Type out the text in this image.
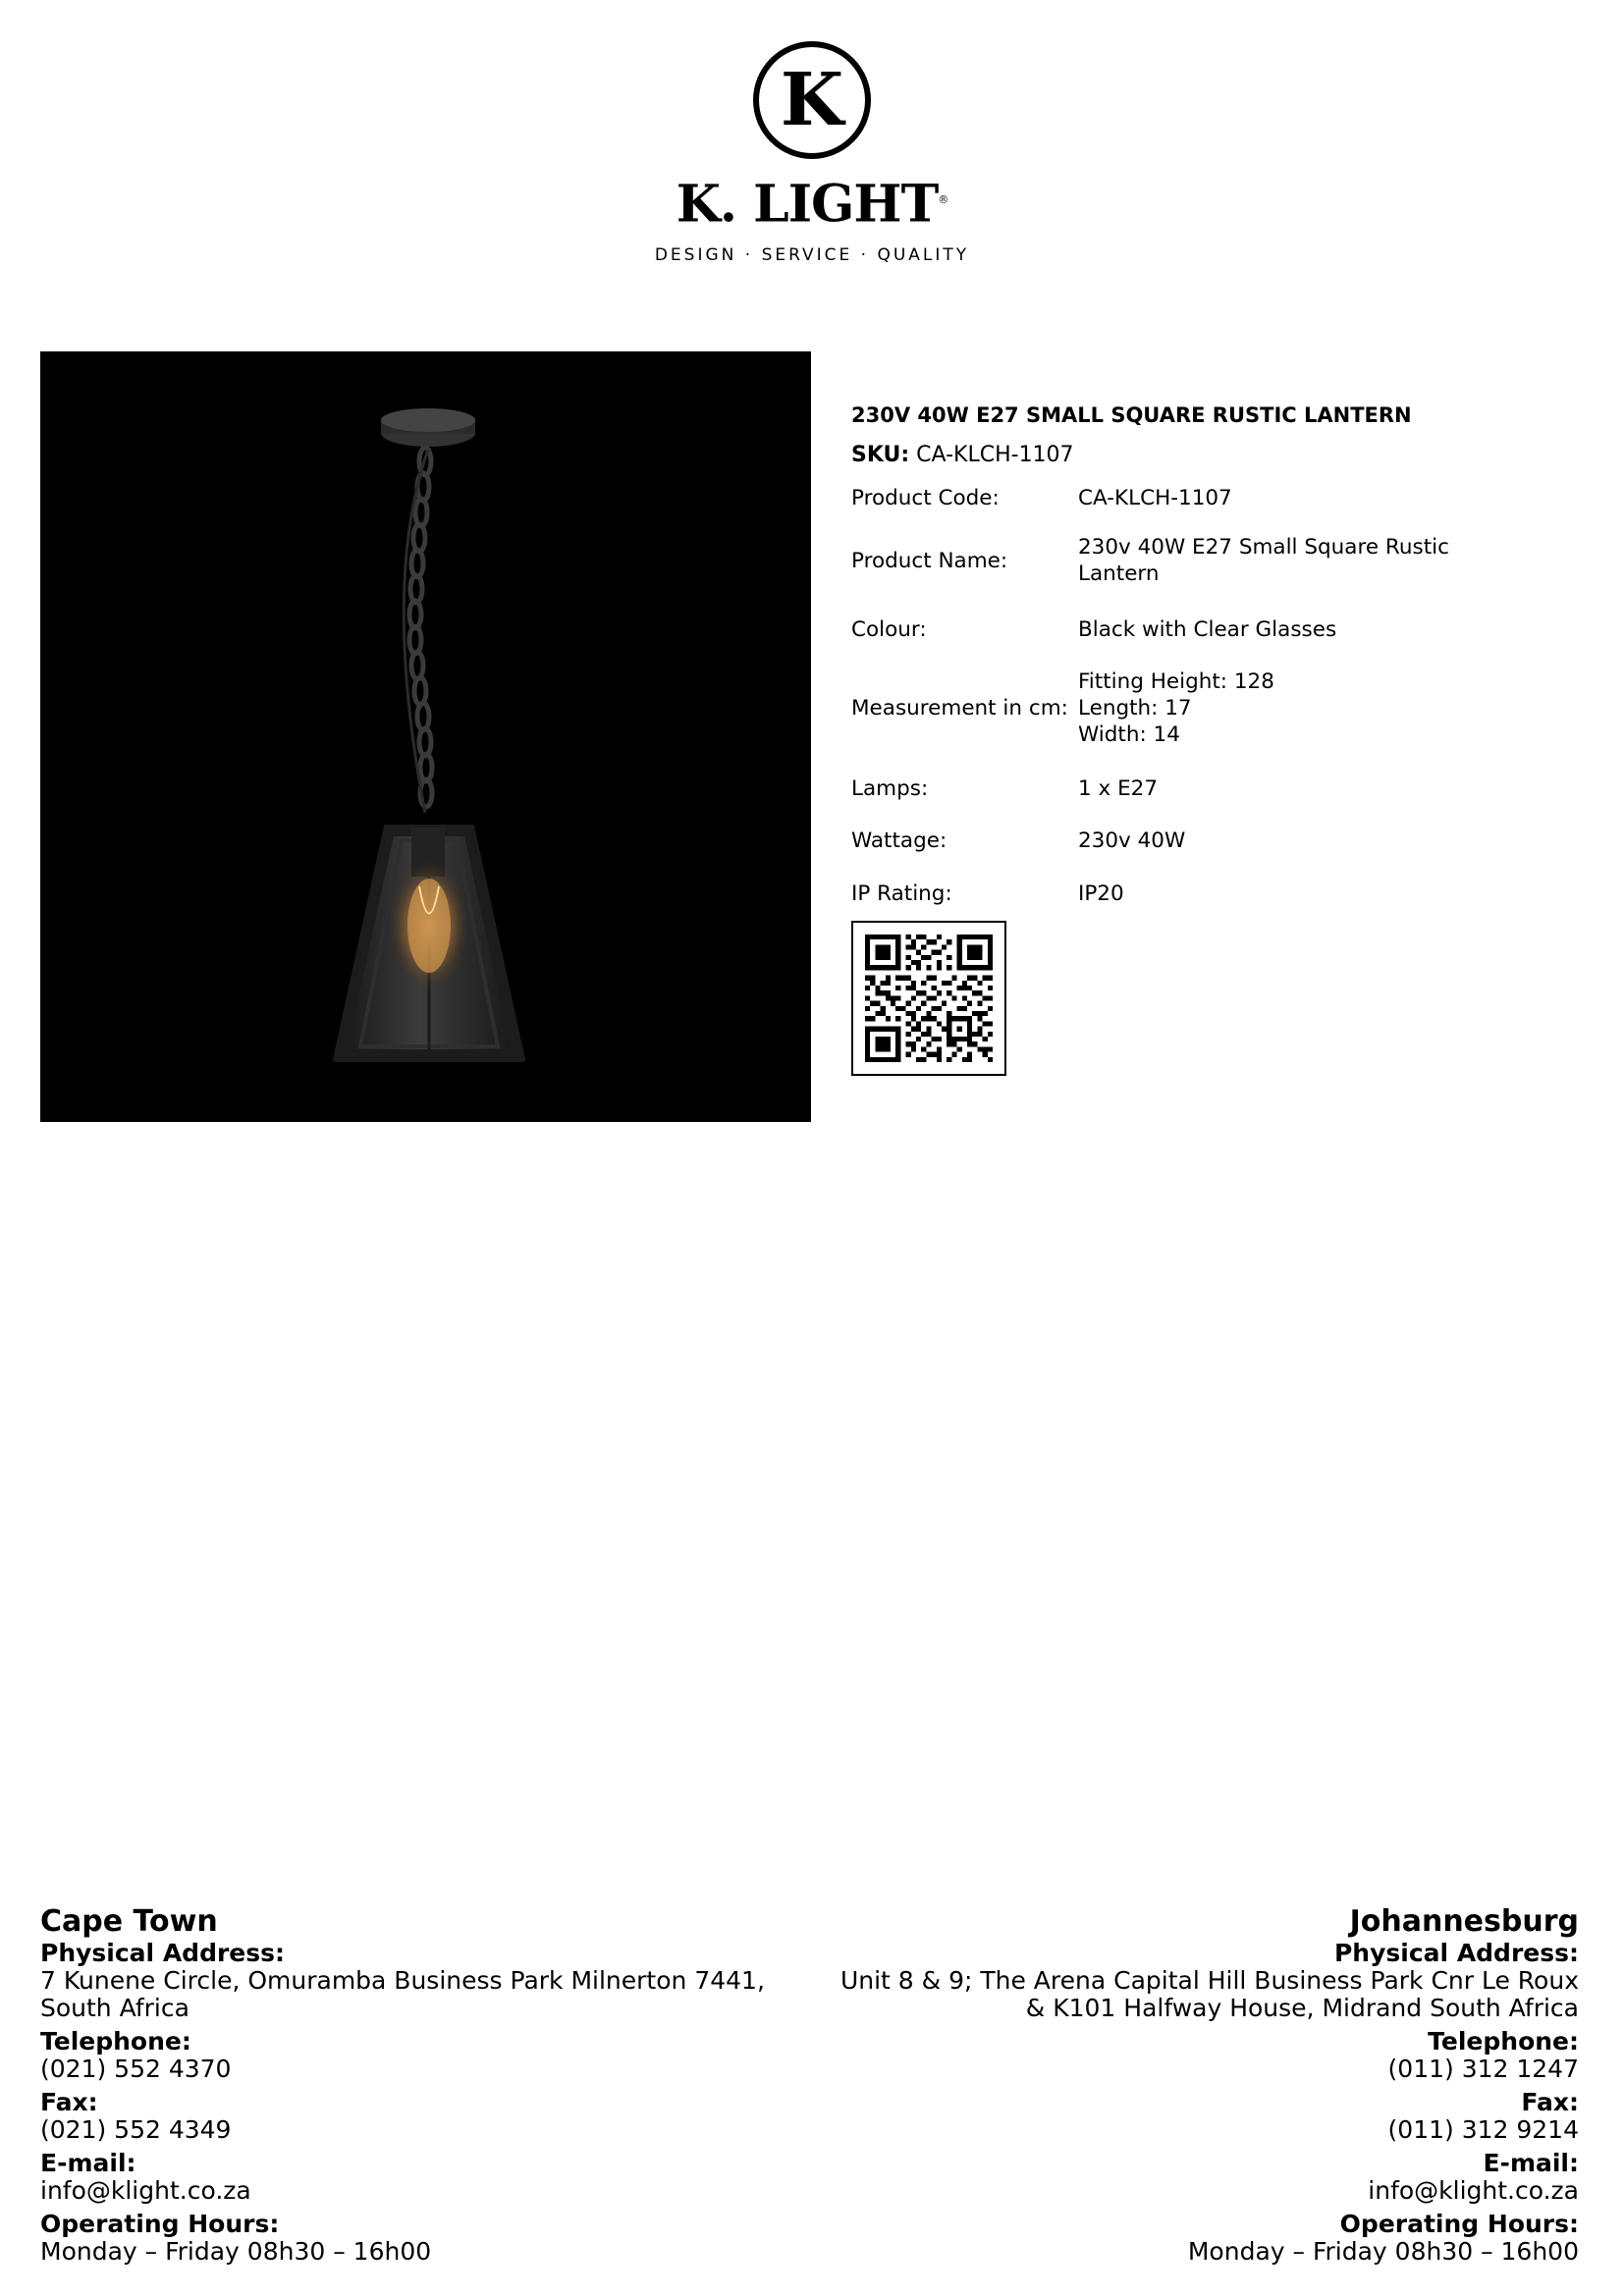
K
K. LIGHT®
DESIGN · SERVICE · QUALITY
230V 40W E27 SMALL SQUARE RUSTIC LANTERN
SKU: CA-KLCH-1107
Product Code:	CA-KLCH-1107
Product Name:
230v 40W E27 Small Square Rustic Lantern
Colour:	Black with Clear Glasses
Measurement in cm:
Fitting Height: 128
Length: 17
Width: 14
Lamps:	1 x E27
Wattage:	230v 40W
IP Rating:	IP20
Cape Town
Physical Address:
7 Kunene Circle, Omuramba Business Park Milnerton 7441,
South Africa
Telephone:
(021) 552 4370
Fax:
(021) 552 4349
E-mail:
info@klight.co.za
Operating Hours:
Monday – Friday 08h30 – 16h00
Johannesburg
Physical Address:
Unit 8 & 9; The Arena Capital Hill Business Park Cnr Le Roux
& K101 Halfway House, Midrand South Africa
Telephone:
(011) 312 1247
Fax:
(011) 312 9214
E-mail:
info@klight.co.za
Operating Hours:
Monday – Friday 08h30 – 16h00
